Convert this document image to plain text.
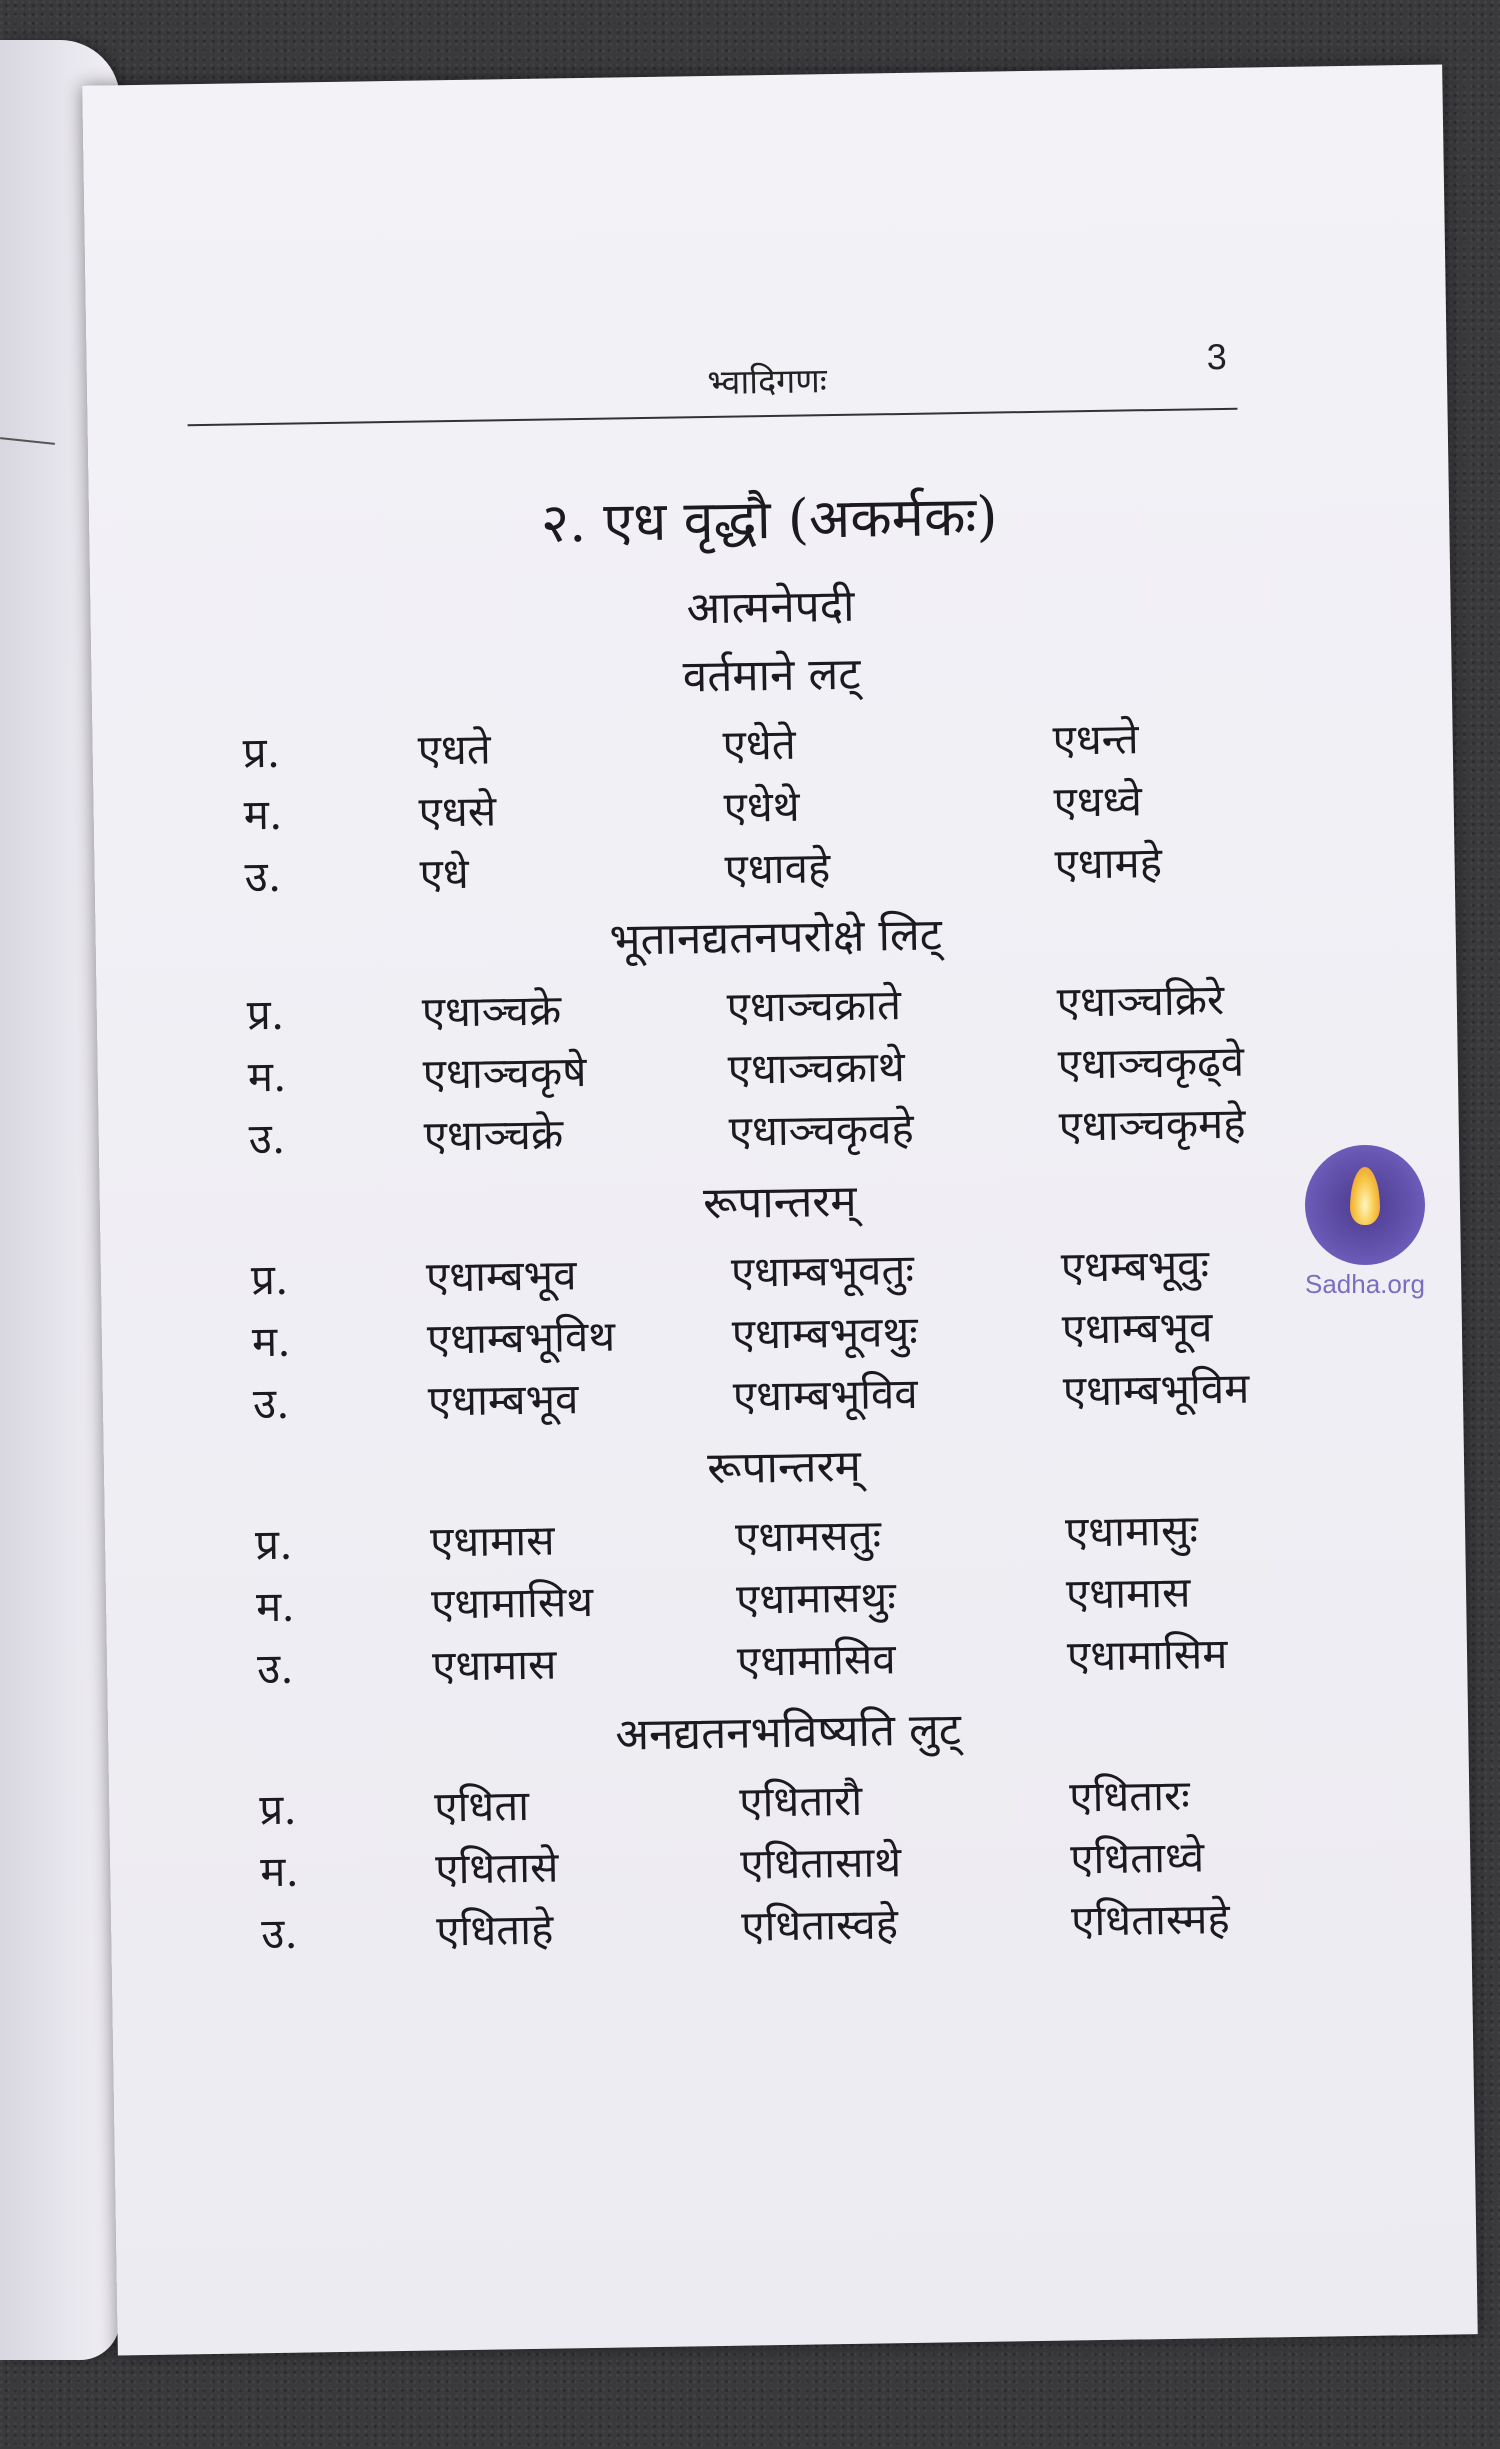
भ्वादिगणः
3
२. एध वृद्धौ (अकर्मकः)
आत्मनेपदी
वर्तमाने लट्
प्र.	एधते	एधेते	एधन्ते
म.	एधसे	एधेथे	एधध्वे
उ.	एधे	एधावहे	एधामहे
भूतानद्यतनपरोक्षे लिट्
प्र.	एधाञ्चक्रे	एधाञ्चक्राते	एधाञ्चक्रिरे
म.	एधाञ्चकृषे	एधाञ्चक्राथे	एधाञ्चकृढ्वे
उ.	एधाञ्चक्रे	एधाञ्चकृवहे	एधाञ्चकृमहे
रूपान्तरम्
प्र.	एधाम्बभूव	एधाम्बभूवतुः	एधम्बभूवुः
म.	एधाम्बभूविथ	एधाम्बभूवथुः	एधाम्बभूव
उ.	एधाम्बभूव	एधाम्बभूविव	एधाम्बभूविम
रूपान्तरम्
प्र.	एधामास	एधामसतुः	एधामासुः
म.	एधामासिथ	एधामासथुः	एधामास
उ.	एधामास	एधामासिव	एधामासिम
अनद्यतनभविष्यति लुट्
प्र.	एधिता	एधितारौ	एधितारः
म.	एधितासे	एधितासाथे	एधिताध्वे
उ.	एधिताहे	एधितास्वहे	एधितास्महे
Sadha.org
